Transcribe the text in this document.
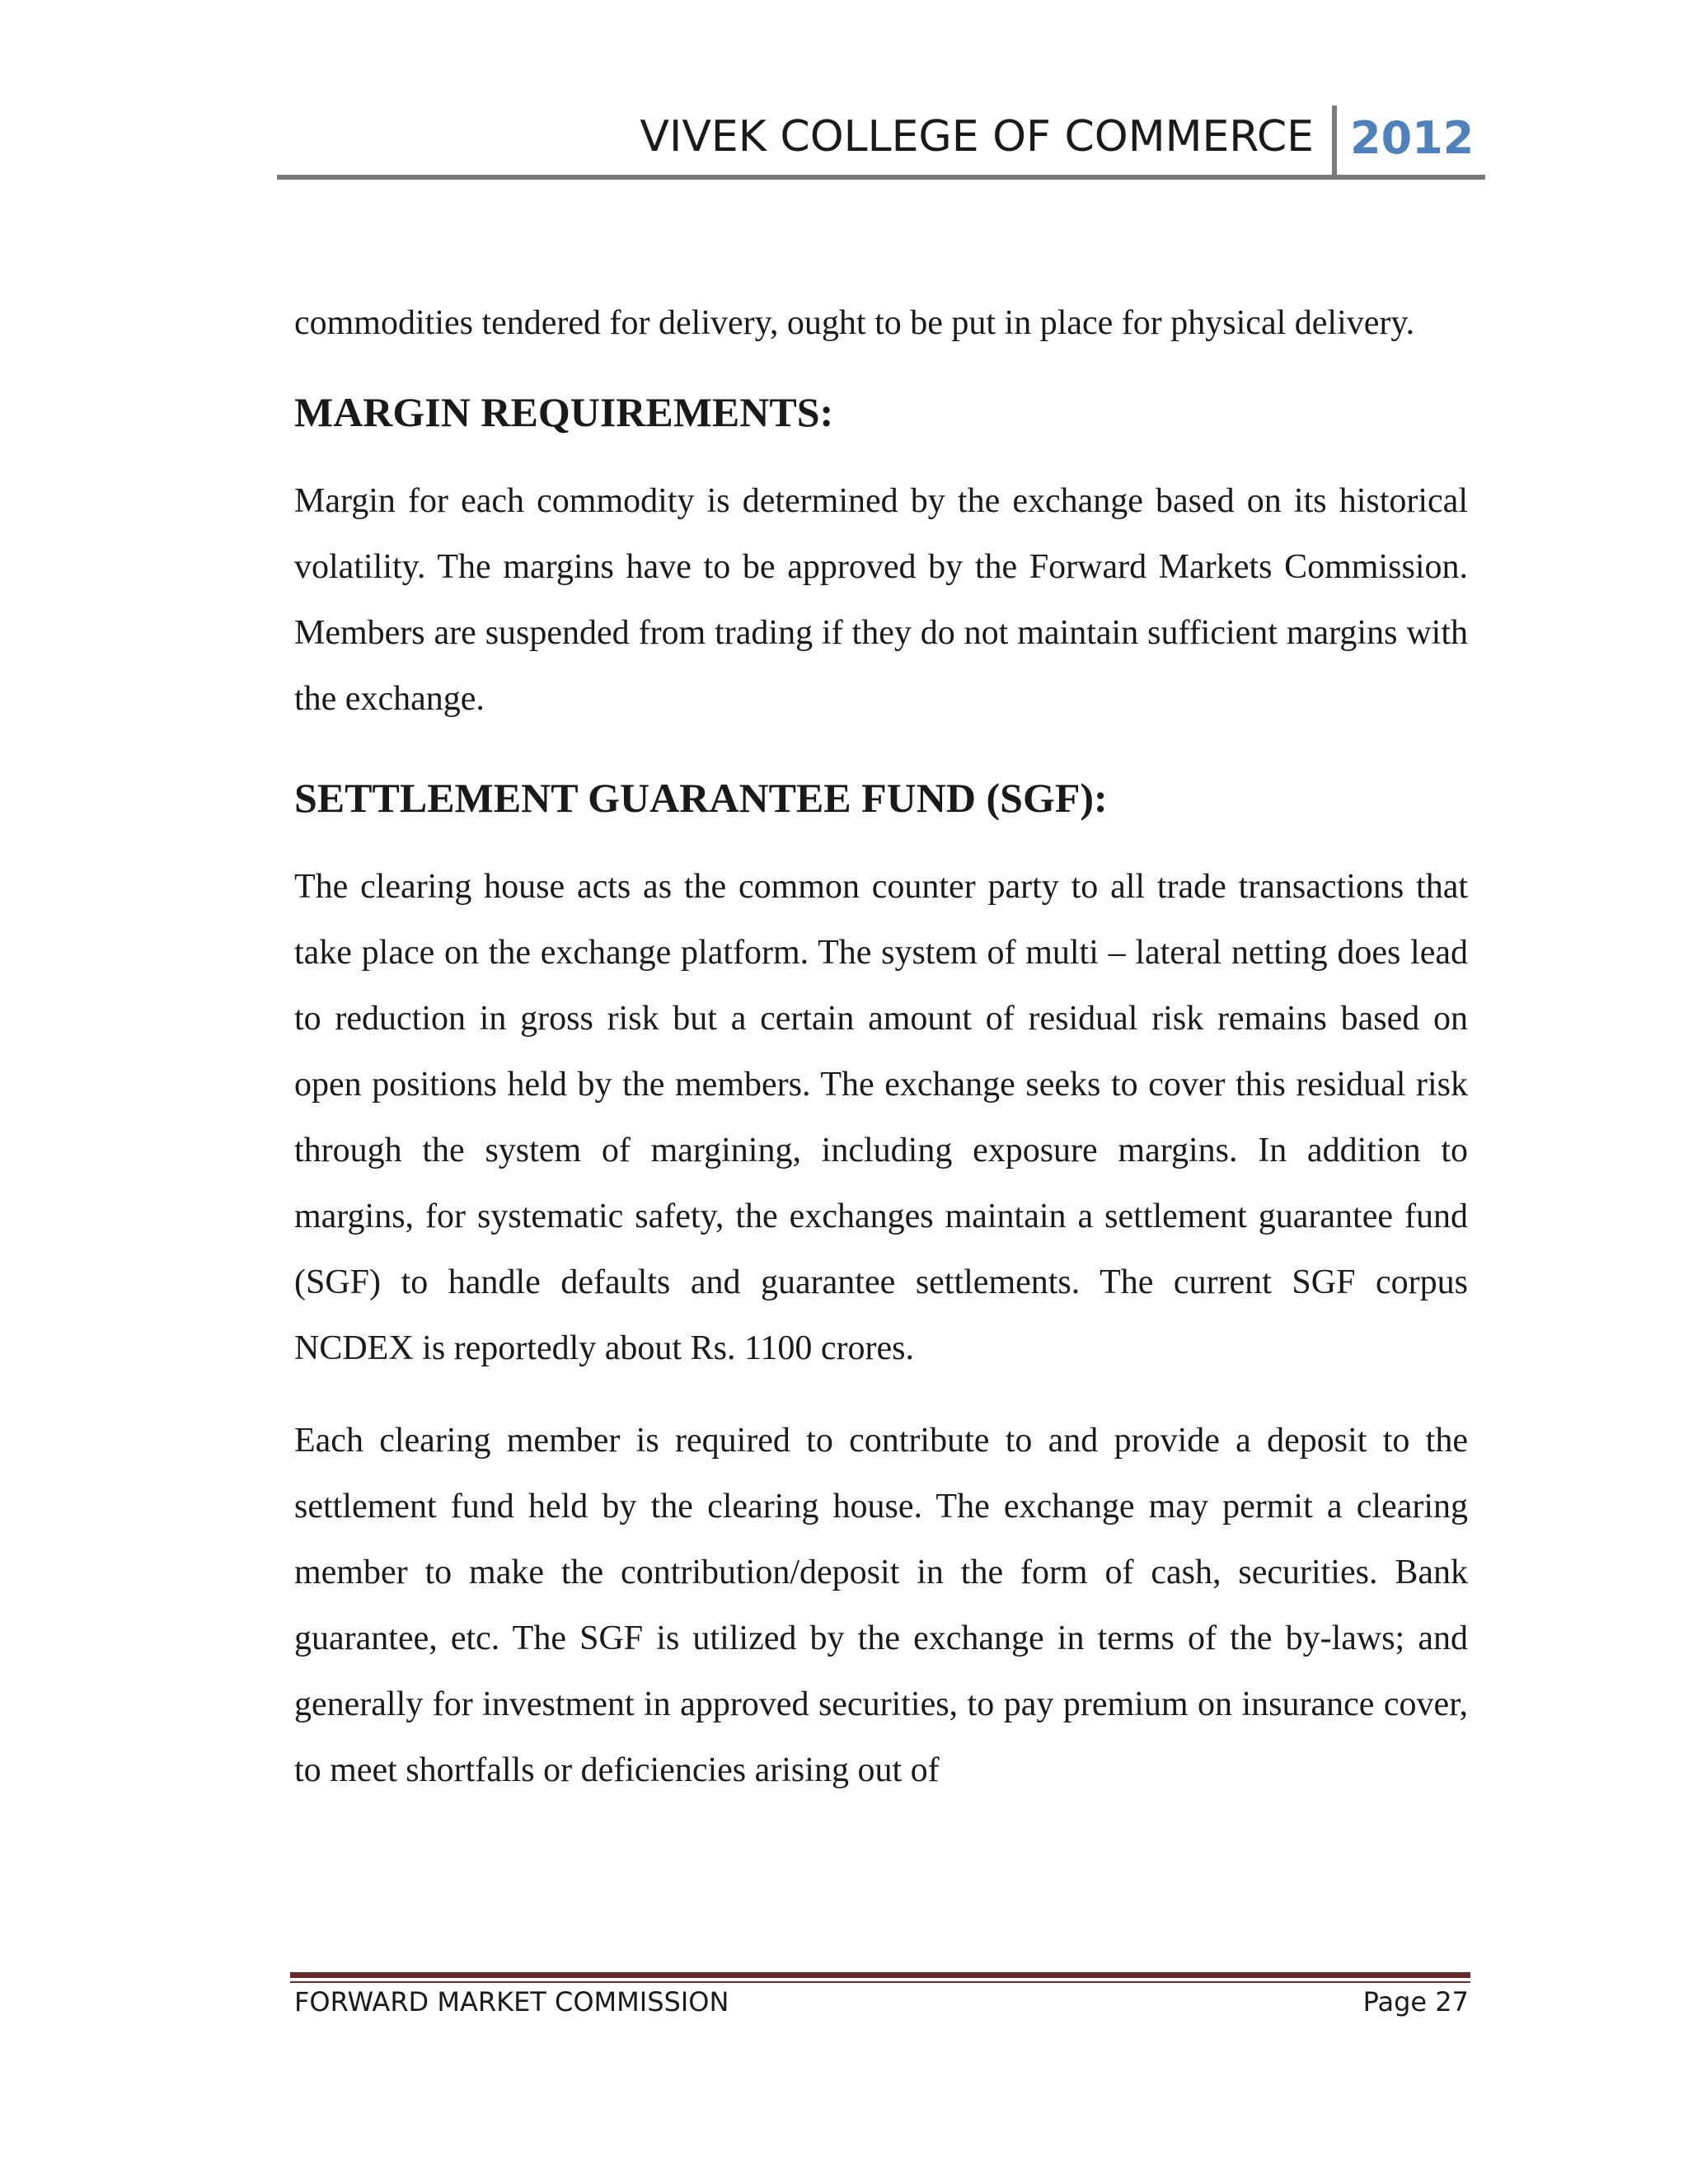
VIVEK COLLEGE OF COMMERCE 2012

commodities tendered for delivery, ought to be put in place for physical delivery.

MARGIN REQUIREMENTS:

Margin for each commodity is determined by the exchange based on its historical volatility. The margins have to be approved by the Forward Markets Commission. Members are suspended from trading if they do not maintain sufficient margins with the exchange.

SETTLEMENT GUARANTEE FUND (SGF):

The clearing house acts as the common counter party to all trade transactions that take place on the exchange platform. The system of multi – lateral netting does lead to reduction in gross risk but a certain amount of residual risk remains based on open positions held by the members. The exchange seeks to cover this residual risk through the system of margining, including exposure margins. In addition to margins, for systematic safety, the exchanges maintain a settlement guarantee fund (SGF) to handle defaults and guarantee settlements. The current SGF corpus NCDEX is reportedly about Rs. 1100 crores.

Each clearing member is required to contribute to and provide a deposit to the settlement fund held by the clearing house. The exchange may permit a clearing member to make the contribution/deposit in the form of cash, securities. Bank guarantee, etc. The SGF is utilized by the exchange in terms of the by-laws; and generally for investment in approved securities, to pay premium on insurance cover, to meet shortfalls or deficiencies arising out of

FORWARD MARKET COMMISSION	Page 27
